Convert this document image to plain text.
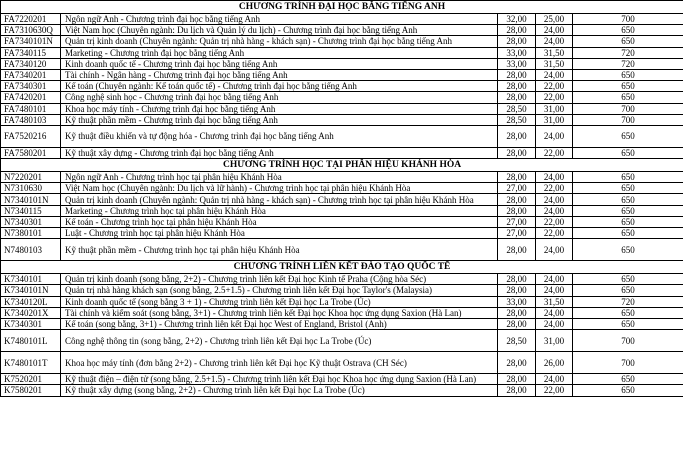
CHƯƠNG TRÌNH ĐẠI HỌC BẰNG TIẾNG ANH				
FA7220201	Ngôn ngữ Anh - Chương trình đại học bằng tiếng Anh	32,00	25,00	700
FA7310630Q	Việt Nam học (Chuyên ngành: Du lịch và Quản lý du lịch) - Chương trình đại học bằng tiếng Anh	28,00	24,00	650
FA7340101N	Quản trị kinh doanh (Chuyên ngành: Quản trị nhà hàng - khách sạn) - Chương trình đại học bằng tiếng Anh	28,00	24,00	650
FA7340115	Marketing - Chương trình đại học bằng tiếng Anh	33,00	31,50	720
FA7340120	Kinh doanh quốc tế - Chương trình đại học bằng tiếng Anh	33,00	31,50	720
FA7340201	Tài chính - Ngân hàng - Chương trình đại học bằng tiếng Anh	28,00	24,00	650
FA7340301	Kế toán (Chuyên ngành: Kế toán quốc tế) - Chương trình đại học bằng tiếng Anh	28,00	22,00	650
FA7420201	Công nghệ sinh học - Chương trình đại học bằng tiếng Anh	28,00	22,00	650
FA7480101	Khoa học máy tính - Chương trình đại học bằng tiếng Anh	28,50	31,00	700
FA7480103	Kỹ thuật phần mềm - Chương trình đại học bằng tiếng Anh	28,50	31,00	700
FA7520216	Kỹ thuật điều khiển và tự động hóa - Chương trình đại học bằng tiếng Anh	28,00	24,00	650
FA7580201	Kỹ thuật xây dựng - Chương trình đại học bằng tiếng Anh	28,00	22,00	650
CHƯƠNG TRÌNH HỌC TẠI PHÂN HIỆU KHÁNH HÒA				
N7220201	Ngôn ngữ Anh - Chương trình học tại phân hiệu Khánh Hòa	28,00	24,00	650
N7310630	Việt Nam học (Chuyên ngành: Du lịch và lữ hành) - Chương trình học tại phân hiệu Khánh Hòa	27,00	22,00	650
N7340101N	Quản trị kinh doanh (Chuyên ngành: Quản trị nhà hàng - khách sạn) - Chương trình học tại phân hiệu Khánh Hòa	28,00	24,00	650
N7340115	Marketing - Chương trình học tại phân hiệu Khánh Hòa	28,00	24,00	650
N7340301	Kế toán - Chương trình học tại phân hiệu Khánh Hòa	27,00	22,00	650
N7380101	Luật - Chương trình học tại phân hiệu Khánh Hòa	27,00	22,00	650
N7480103	Kỹ thuật phần mềm - Chương trình học tại phân hiệu Khánh Hòa	28,00	24,00	650
CHƯƠNG TRÌNH LIÊN KẾT ĐÀO TẠO QUỐC TẾ				
K7340101	Quản trị kinh doanh (song bằng, 2+2) - Chương trình liên kết Đại học Kinh tế Praha (Cộng hòa Séc)	28,00	24,00	650
K7340101N	Quản trị nhà hàng khách sạn (song bằng, 2.5+1.5) - Chương trình liên kết Đại học Taylor's (Malaysia)	28,00	24,00	650
K7340120L	Kinh doanh quốc tế (song bằng 3 + 1) - Chương trình liên kết Đại học La Trobe (Úc)	33,00	31,50	720
K7340201X	Tài chính và kiểm soát (song bằng, 3+1) - Chương trình liên kết Đại học Khoa học ứng dụng Saxion (Hà Lan)	28,00	24,00	650
K7340301	Kế toán (song bằng, 3+1) - Chương trình liên kết Đại học West of England, Bristol (Anh)	28,00	24,00	650
K7480101L	Công nghệ thông tin (song bằng, 2+2) - Chương trình liên kết Đại học La Trobe (Úc)	28,50	31,00	700
K7480101T	Khoa học máy tính (đơn bằng 2+2) - Chương trình liên kết Đại học Kỹ thuật Ostrava (CH Séc)	28,00	26,00	700
K7520201	Kỹ thuật điện – điện tử (song bằng, 2.5+1.5) - Chương trình liên kết Đại học Khoa học ứng dụng Saxion (Hà Lan)	28,00	24,00	650
K7580201	Kỹ thuật xây dựng (song bằng, 2+2) - Chương trình liên kết Đại học La Trobe (Úc)	28,00	22,00	650
